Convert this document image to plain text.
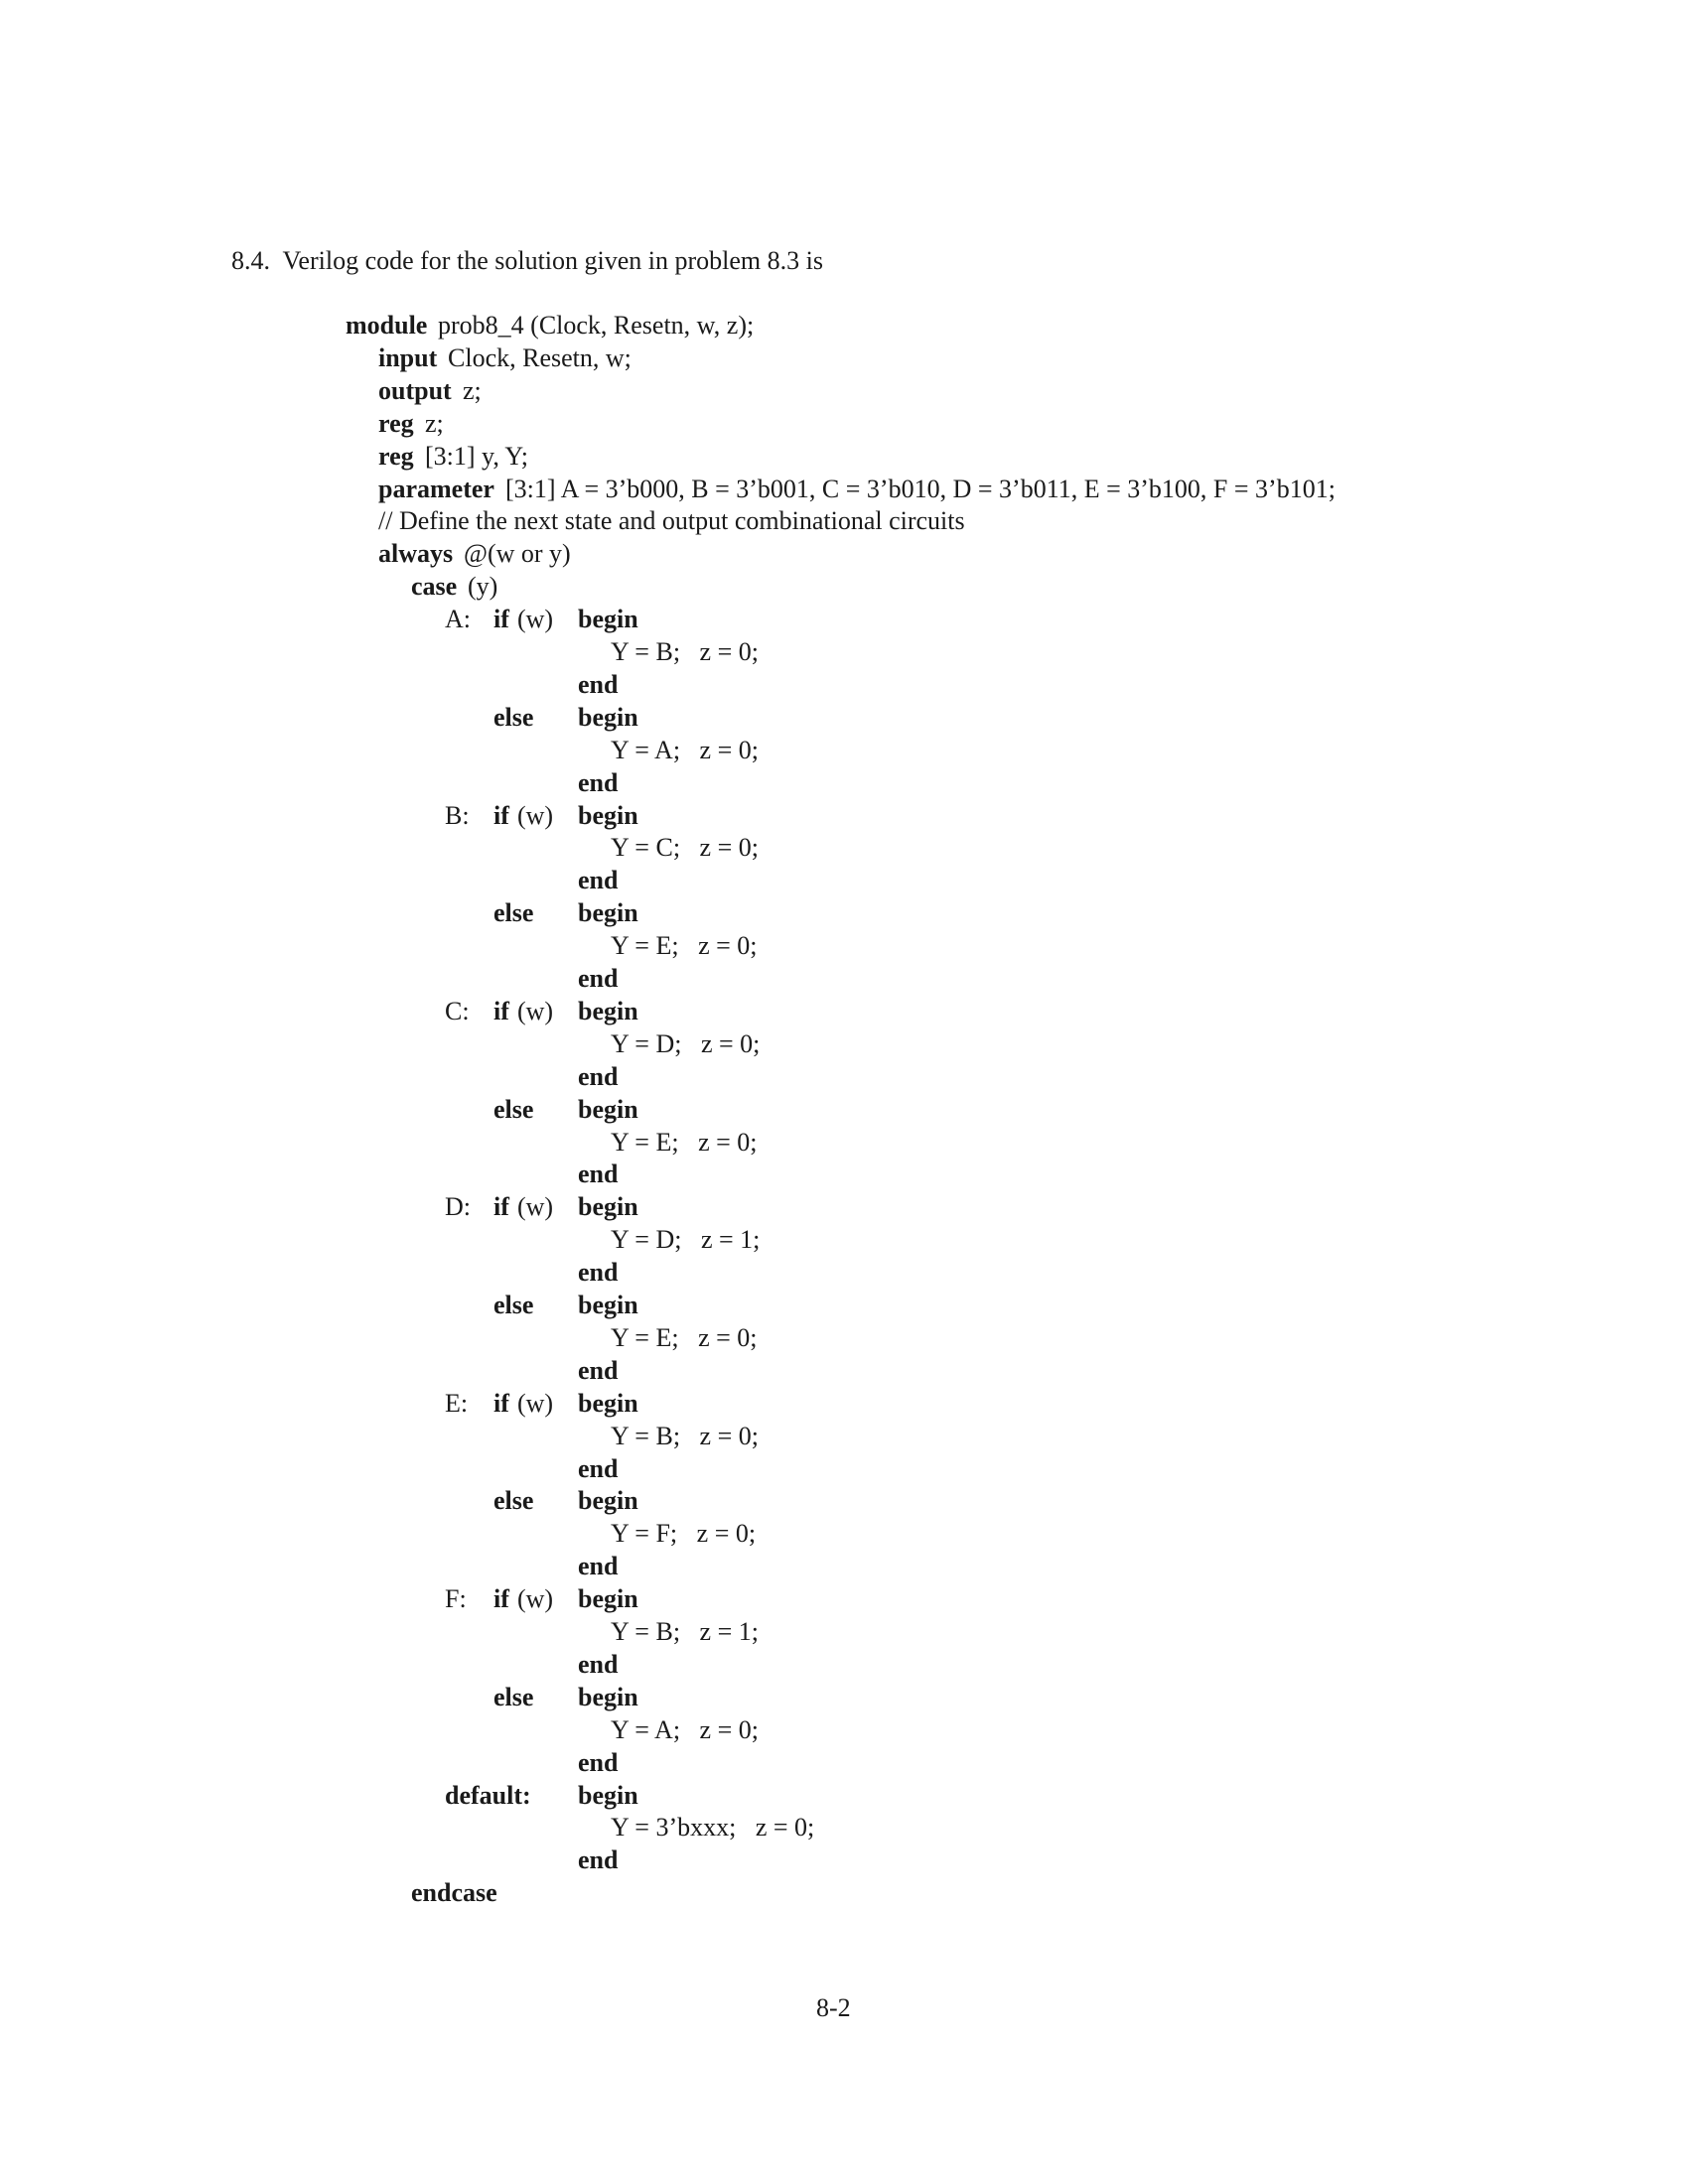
8.4.  Verilog code for the solution given in problem 8.3 is
module prob8_4 (Clock, Resetn, w, z);
input Clock, Resetn, w;
output z;
reg z;
reg [3:1] y, Y;
parameter [3:1] A = 3’b000, B = 3’b001, C = 3’b010, D = 3’b011, E = 3’b100, F = 3’b101;
// Define the next state and output combinational circuits
always @(w or y)
case (y)
A: if (w) begin
Y = B;   z = 0;
end
else begin
Y = A;   z = 0;
end
B: if (w) begin
Y = C;   z = 0;
end
else begin
Y = E;   z = 0;
end
C: if (w) begin
Y = D;   z = 0;
end
else begin
Y = E;   z = 0;
end
D: if (w) begin
Y = D;   z = 1;
end
else begin
Y = E;   z = 0;
end
E: if (w) begin
Y = B;   z = 0;
end
else begin
Y = F;   z = 0;
end
F: if (w) begin
Y = B;   z = 1;
end
else begin
Y = A;   z = 0;
end
default: begin
Y = 3’bxxx;   z = 0;
end
endcase
8-2
